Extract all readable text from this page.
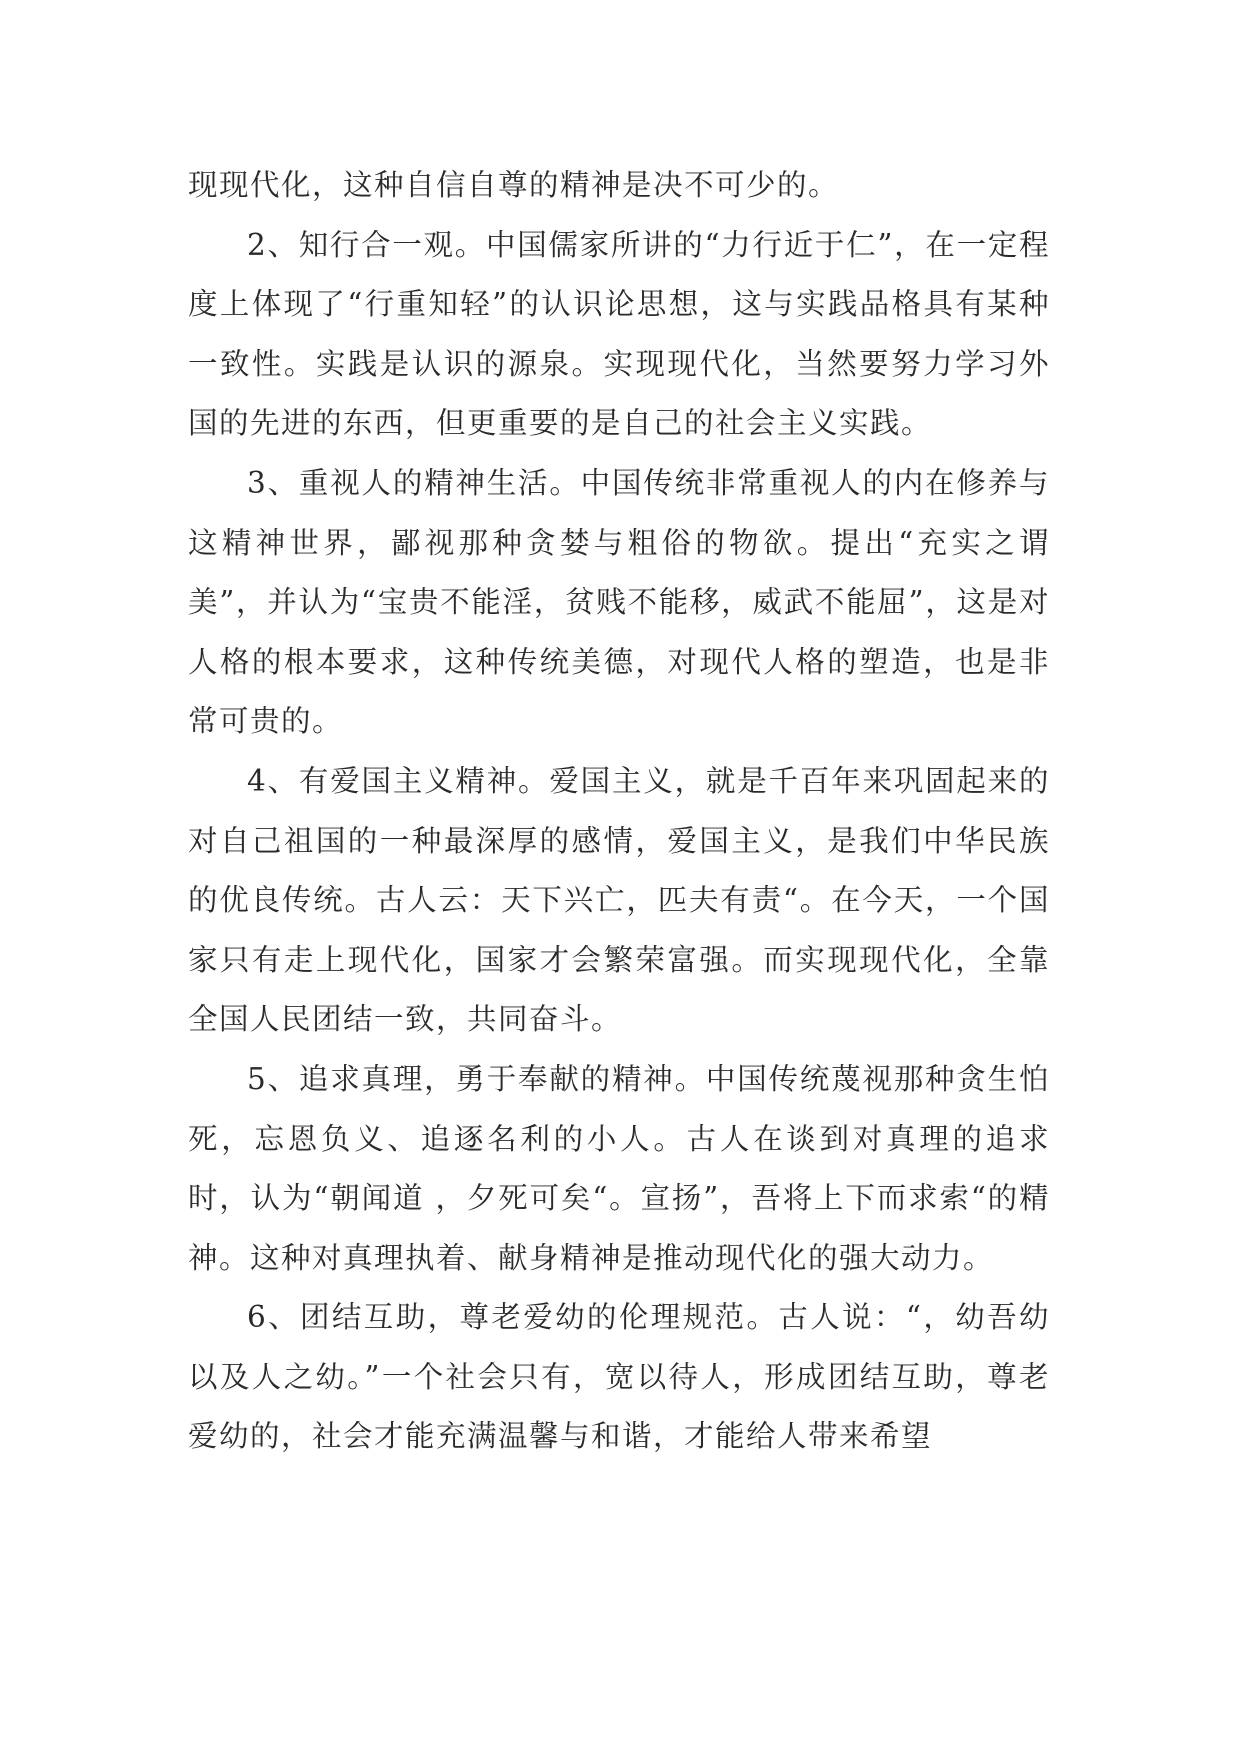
现现代化，这种自信自尊的精神是决不可少的。

2、知行合一观。中国儒家所讲的“力行近于仁”，在一定程度上体现了“行重知轻”的认识论思想，这与实践品格具有某种一致性。实践是认识的源泉。实现现代化，当然要努力学习外国的先进的东西，但更重要的是自己的社会主义实践。

3、重视人的精神生活。中国传统非常重视人的内在修养与这精神世界，鄙视那种贪婪与粗俗的物欲。提出“充实之谓美”，并认为“宝贵不能淫，贫贱不能移，威武不能屈”，这是对人格的根本要求，这种传统美德，对现代人格的塑造，也是非常可贵的。

4、有爱国主义精神。爱国主义，就是千百年来巩固起来的对自己祖国的一种最深厚的感情，爱国主义，是我们中华民族的优良传统。古人云：天下兴亡，匹夫有责“。在今天，一个国家只有走上现代化，国家才会繁荣富强。而实现现代化，全靠全国人民团结一致，共同奋斗。

5、追求真理，勇于奉献的精神。中国传统蔑视那种贪生怕死，忘恩负义、追逐名利的小人。古人在谈到对真理的追求时，认为“朝闻道 ，夕死可矣“。宣扬”，吾将上下而求索“的精神。这种对真理执着、献身精神是推动现代化的强大动力。

6、团结互助，尊老爱幼的伦理规范。古人说：“，幼吾幼以及人之幼。”一个社会只有，宽以待人，形成团结互助，尊老爱幼的，社会才能充满温馨与和谐，才能给人带来希望
